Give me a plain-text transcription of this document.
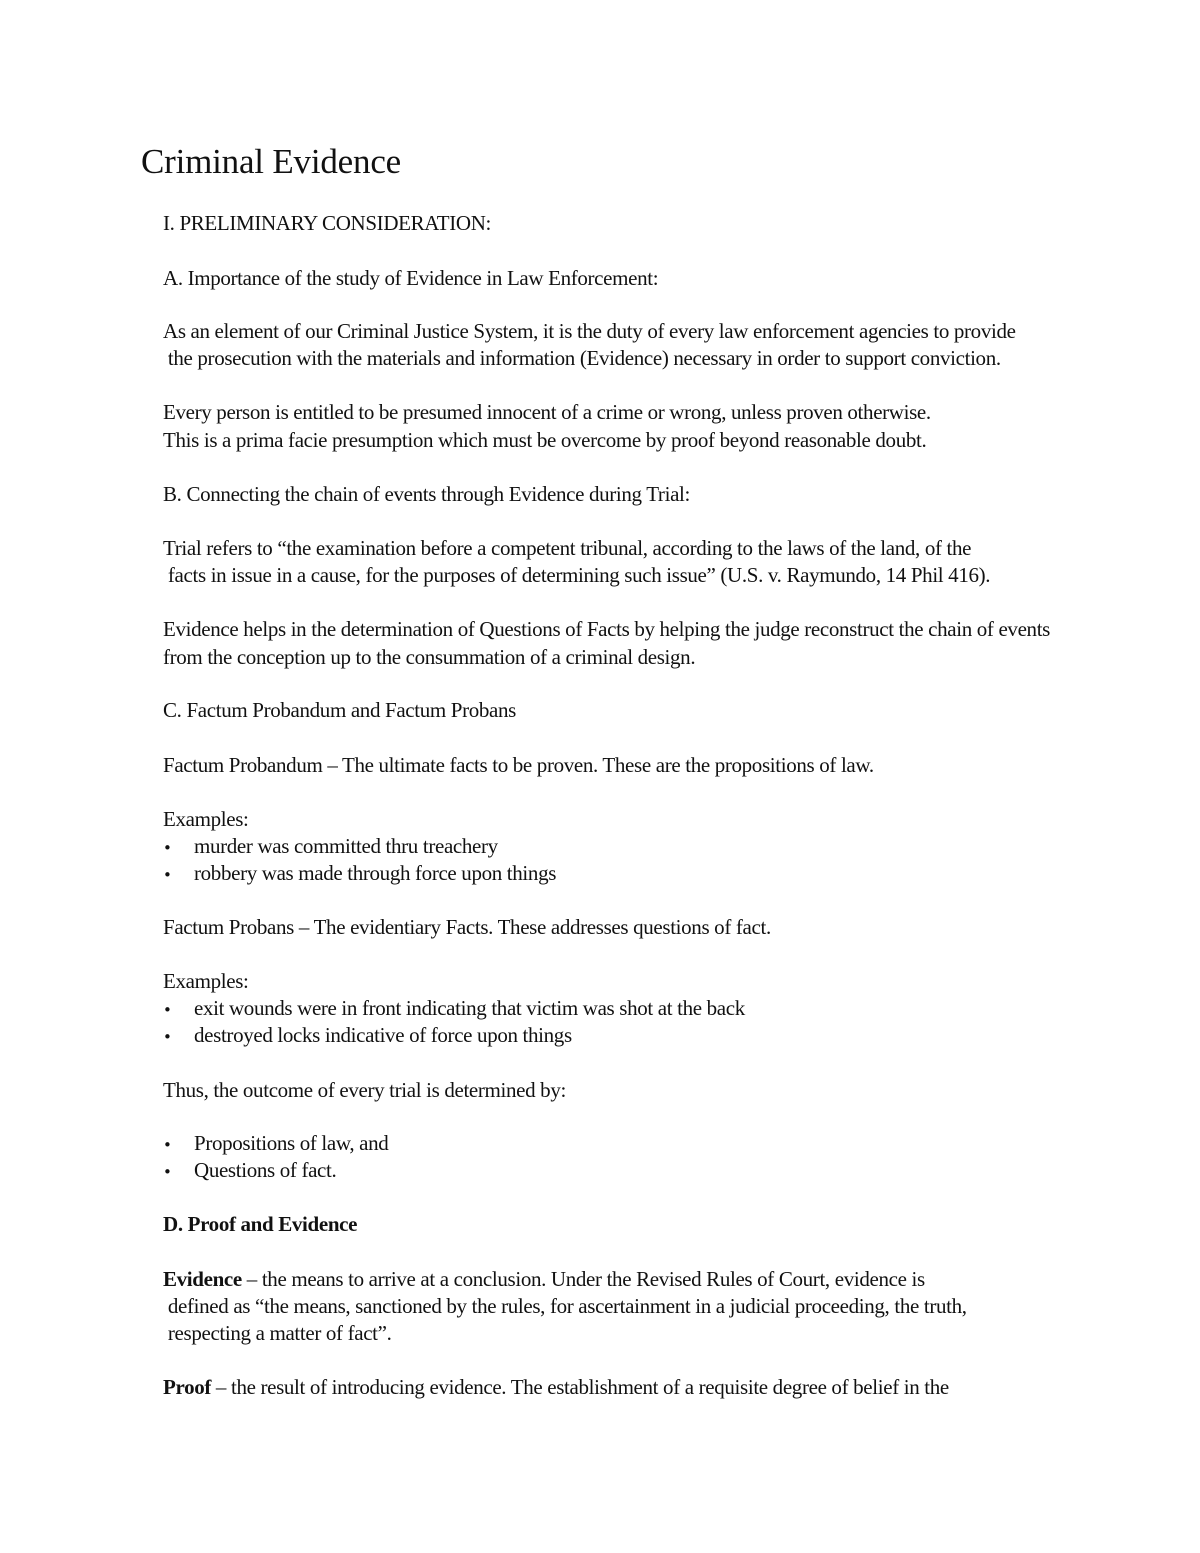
Criminal Evidence
I. PRELIMINARY CONSIDERATION:
A. Importance of the study of Evidence in Law Enforcement:
As an element of our Criminal Justice System, it is the duty of every law enforcement agencies to provide
the prosecution with the materials and information (Evidence) necessary in order to support conviction.
Every person is entitled to be presumed innocent of a crime or wrong, unless proven otherwise.
This is a prima facie presumption which must be overcome by proof beyond reasonable doubt.
B. Connecting the chain of events through Evidence during Trial:
Trial refers to “the examination before a competent tribunal, according to the laws of the land, of the
facts in issue in a cause, for the purposes of determining such issue” (U.S. v. Raymundo, 14 Phil 416).
Evidence helps in the determination of Questions of Facts by helping the judge reconstruct the chain of events
from the conception up to the consummation of a criminal design.
C. Factum Probandum and Factum Probans
Factum Probandum – The ultimate facts to be proven. These are the propositions of law.
Examples:
• murder was committed thru treachery
• robbery was made through force upon things
Factum Probans – The evidentiary Facts. These addresses questions of fact.
Examples:
• exit wounds were in front indicating that victim was shot at the back
• destroyed locks indicative of force upon things
Thus, the outcome of every trial is determined by:
• Propositions of law, and
• Questions of fact.
D. Proof and Evidence
Evidence – the means to arrive at a conclusion. Under the Revised Rules of Court, evidence is
defined as “the means, sanctioned by the rules, for ascertainment in a judicial proceeding, the truth,
respecting a matter of fact”.
Proof – the result of introducing evidence. The establishment of a requisite degree of belief in the
